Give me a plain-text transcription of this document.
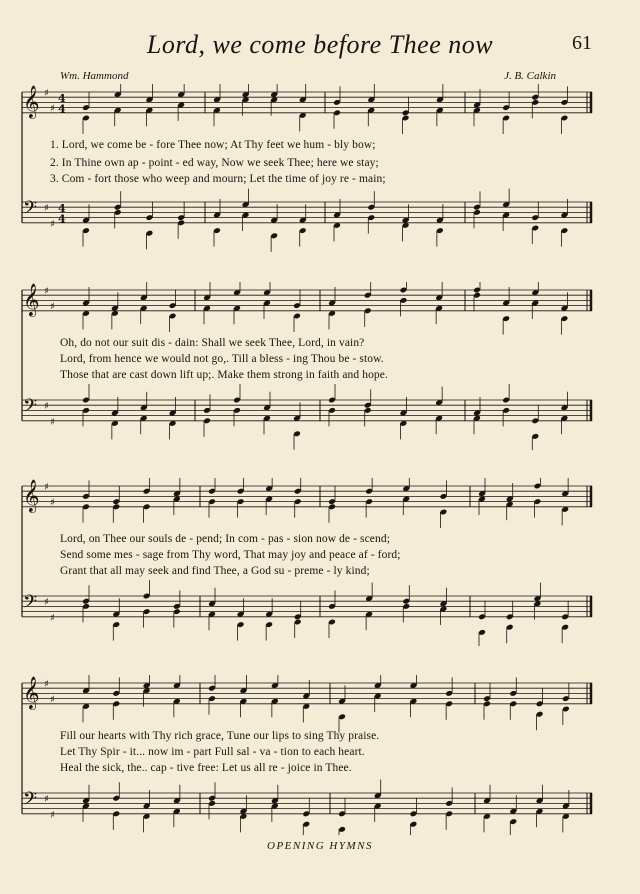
Lord, we come before Thee now	61
Wm. Hammond	J. B. Calkin
𝄞 ♯
♯
4
4
𝄢 ♯
♯
4
4
1. Lord, we come be - fore Thee now; At Thy feet we hum - bly bow;
2. In Thine own ap - point - ed way, Now we seek Thee; here we stay;
3. Com - fort those who weep and mourn; Let the time of joy re - main;
𝄞 ♯
♯
𝄢 ♯
♯
Oh, do not our suit dis - dain: Shall we seek Thee, Lord, in vain?
Lord, from hence we would not go,. Till a bless - ing Thou be - stow.
Those that are cast down lift up;. Make them strong in faith and hope.
𝄞 ♯
♯
𝄢 ♯
♯
Lord, on Thee our souls de - pend; In com - pas - sion now de - scend;
Send some mes - sage from Thy word, That may joy and peace af - ford;
Grant that all may seek and find Thee, a God su - preme - ly kind;
𝄞 ♯
♯
𝄢 ♯
♯
Fill our hearts with Thy rich grace, Tune our lips to sing Thy praise.
Let Thy Spir - it... now im - part Full sal - va - tion to each heart.
Heal the sick, the.. cap - tive free: Let us all re - joice in Thee.
OPENING HYMNS
